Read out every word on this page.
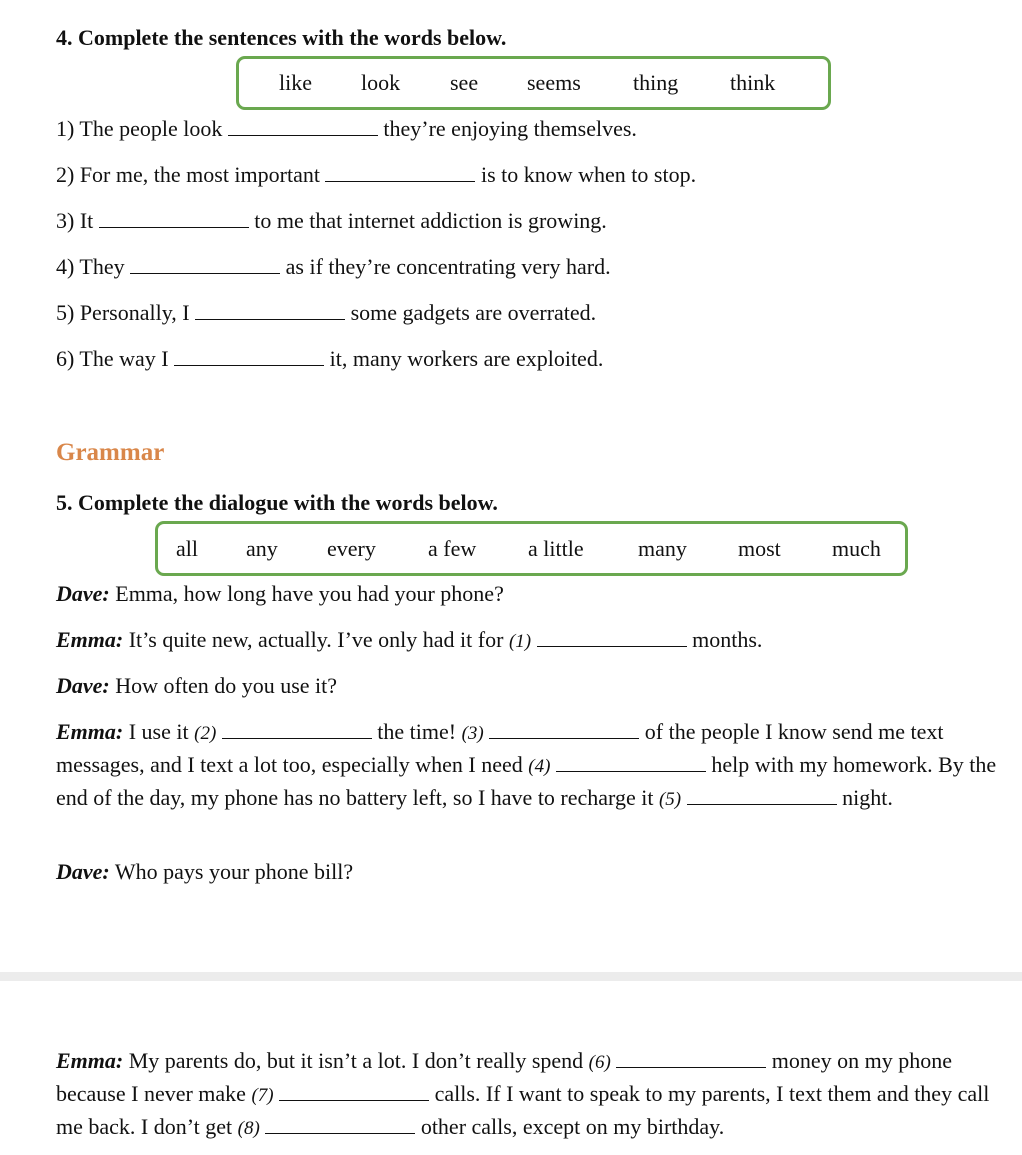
4. Complete the sentences with the words below.
like look see seems thing think
1) The people look	they’re enjoying themselves.
2) For me, the most important	is to know when to stop.
3) It	to me that internet addiction is growing.
4) They	as if they’re concentrating very hard.
5) Personally, I	some gadgets are overrated.
6) The way I	it, many workers are exploited.
Grammar
5. Complete the dialogue with the words below.
all any every a few a little many most much
Dave: Emma, how long have you had your phone?
Emma: It’s quite new, actually. I’ve only had it for (1)	months.
Dave: How often do you use it?
Emma: I use it (2)	the time! (3)	of the people I know send me text messages, and I text a lot too, especially when I need (4)	help with my homework. By the end of the day, my phone has no battery left, so I have to recharge it (5)	night.
Dave: Who pays your phone bill?
Emma: My parents do, but it isn’t a lot. I don’t really spend (6)	money on my phone because I never make (7)	calls. If I want to speak to my parents, I text them and they call me back. I don’t get (8)	other calls, except on my birthday.
